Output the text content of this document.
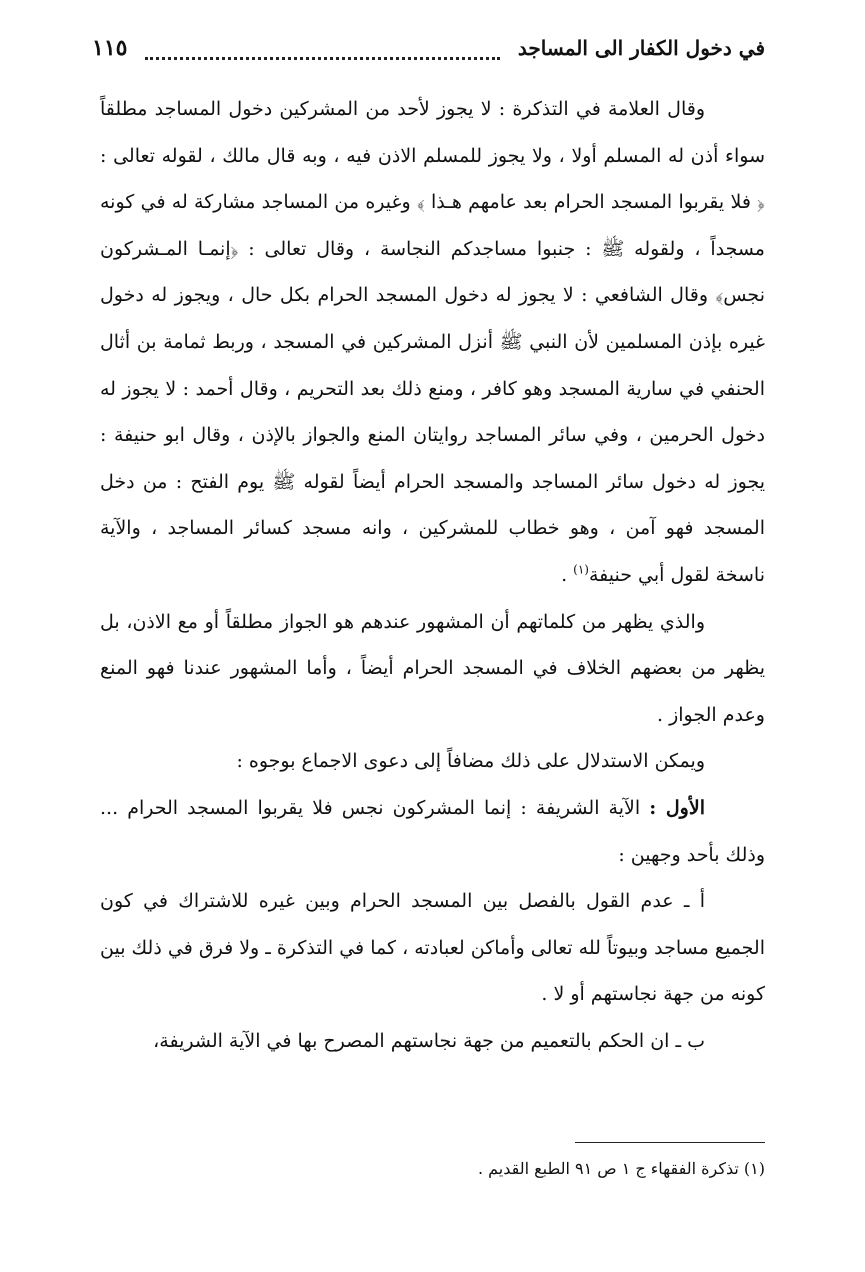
في دخول الكفار الى المساجد
١١٥

وقال العلامة في التذكرة : لا يجوز لأحد من المشركين دخول المساجد مطلقاً سواء أذن له المسلم أولا ، ولا يجوز للمسلم الاذن فيه ، وبه قال مالك ، لقوله تعالى : ﴿ فلا يقربوا المسجد الحرام بعد عامهم هـذا ﴾ وغيره من المساجد مشاركة له في كونه مسجداً ، ولقوله ﷺ : جنبوا مساجدكم النجاسة ، وقال تعالى : ﴿إنمـا المـشركون نجس﴾ وقال الشافعي : لا يجوز له دخول المسجد الحرام بكل حال ، ويجوز له دخول غيره بإذن المسلمين لأن النبي ﷺ أنزل المشركين في المسجد ، وربط ثمامة بن أثال الحنفي في سارية المسجد وهو كافر ، ومنع ذلك بعد التحريم ، وقال أحمد : لا يجوز له دخول الحرمين ، وفي سائر المساجد روايتان المنع والجواز بالإذن ، وقال ابو حنيفة : يجوز له دخول سائر المساجد والمسجد الحرام أيضاً لقوله ﷺ يوم الفتح : من دخل المسجد فهو آمن ، وهو خطاب للمشركين ، وانه مسجد كسائر المساجد ، والآية ناسخة لقول أبي حنيفة$^{(١)}$ .

والذي يظهر من كلماتهم أن المشهور عندهم هو الجواز مطلقاً أو مع الاذن، بل يظهر من بعضهم الخلاف في المسجد الحرام أيضاً ، وأما المشهور عندنا فهو المنع وعدم الجواز .

ويمكن الاستدلال على ذلك مضافاً إلى دعوى الاجماع بوجوه :

الأول : الآية الشريفة : إنما المشركون نجس فلا يقربوا المسجد الحرام ... وذلك بأحد وجهين :

أ ـ عدم القول بالفصل بين المسجد الحرام وبين غيره للاشتراك في كون الجميع مساجد وبيوتاً لله تعالى وأماكن لعبادته ، كما في التذكرة ـ ولا فرق في ذلك بين كونه من جهة نجاستهم أو لا .

ب ـ ان الحكم بالتعميم من جهة نجاستهم المصرح بها في الآية الشريفة،

(١) تذكرة الفقهاء ج ١ ص ٩١ الطبع القديم .
